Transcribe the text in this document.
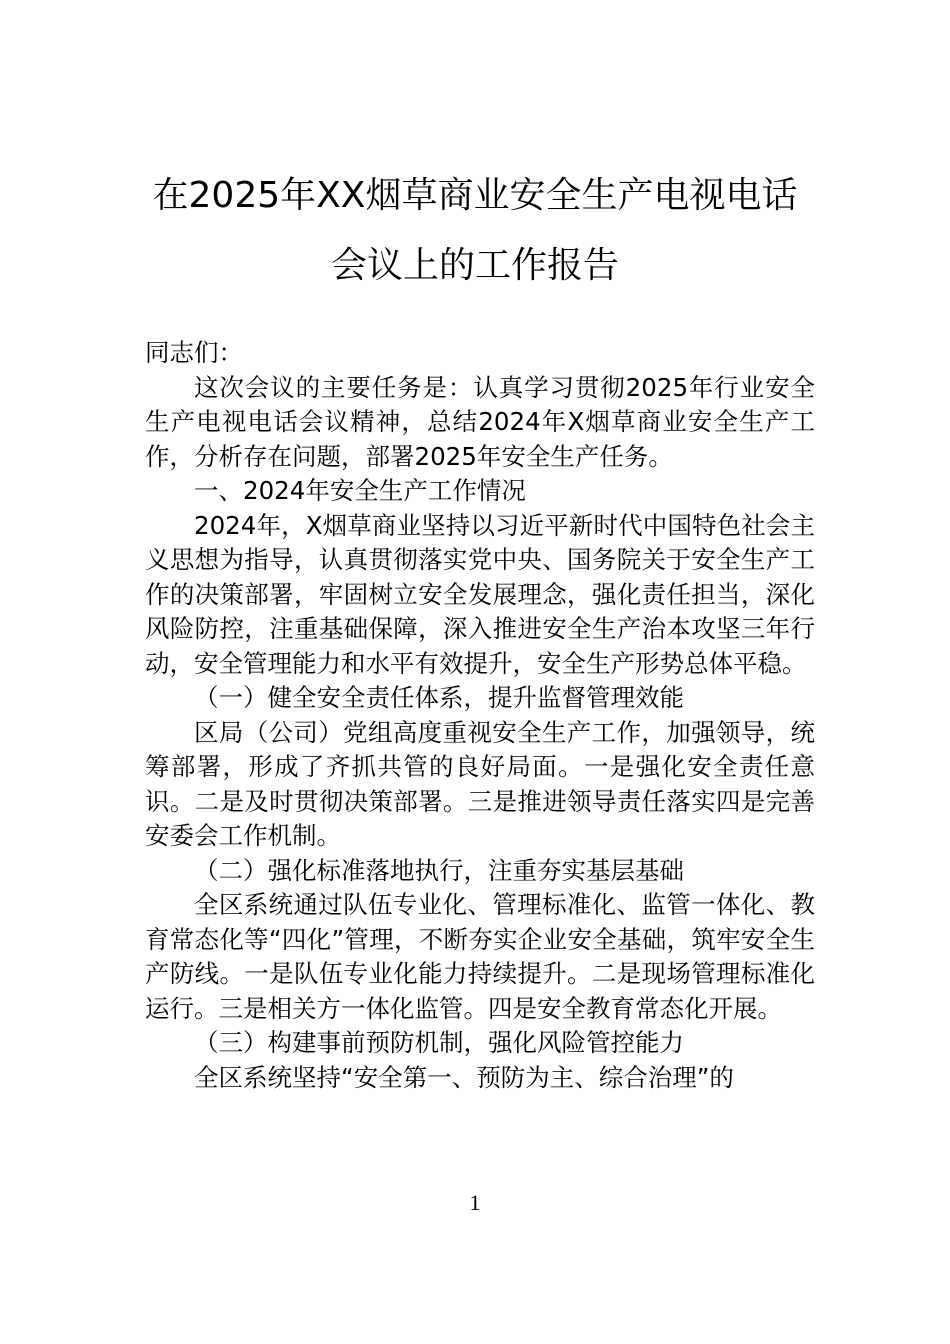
在2025年XX烟草商业安全生产电视电话
会议上的工作报告

同志们：

这次会议的主要任务是：认真学习贯彻2025年行业安全生产电视电话会议精神，总结2024年X烟草商业安全生产工作，分析存在问题，部署2025年安全生产任务。

一、2024年安全生产工作情况

2024年，X烟草商业坚持以习近平新时代中国特色社会主义思想为指导，认真贯彻落实党中央、国务院关于安全生产工作的决策部署，牢固树立安全发展理念，强化责任担当，深化风险防控，注重基础保障，深入推进安全生产治本攻坚三年行动，安全管理能力和水平有效提升，安全生产形势总体平稳。

（一）健全安全责任体系，提升监督管理效能

区局（公司）党组高度重视安全生产工作，加强领导，统筹部署，形成了齐抓共管的良好局面。一是强化安全责任意识。二是及时贯彻决策部署。三是推进领导责任落实四是完善安委会工作机制。

（二）强化标准落地执行，注重夯实基层基础

全区系统通过队伍专业化、管理标准化、监管一体化、教育常态化等“四化”管理，不断夯实企业安全基础，筑牢安全生产防线。一是队伍专业化能力持续提升。二是现场管理标准化运行。三是相关方一体化监管。四是安全教育常态化开展。

（三）构建事前预防机制，强化风险管控能力

全区系统坚持“安全第一、预防为主、综合治理”的

1
